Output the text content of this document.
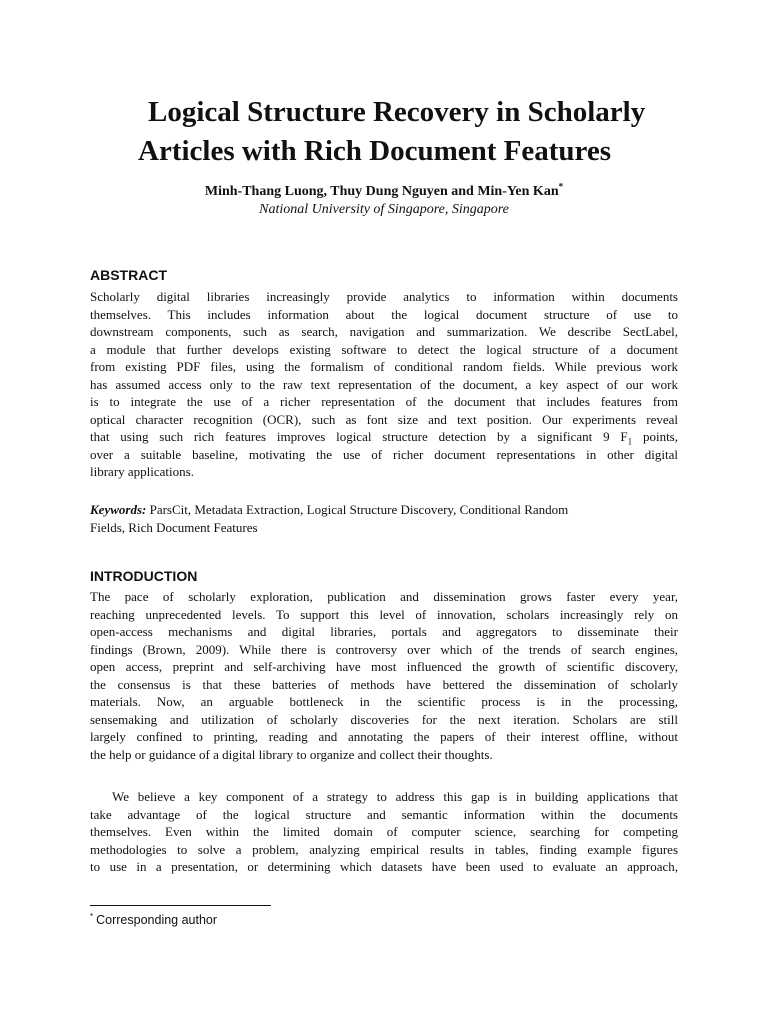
Logical Structure Recovery in Scholarly
Articles with Rich Document Features
Minh-Thang Luong, Thuy Dung Nguyen and Min-Yen Kan*
National University of Singapore, Singapore
ABSTRACT
Scholarly digital libraries increasingly provide analytics to information within documents
themselves. This includes information about the logical document structure of use to
downstream components, such as search, navigation and summarization. We describe SectLabel,
a module that further develops existing software to detect the logical structure of a document
from existing PDF files, using the formalism of conditional random fields. While previous work
has assumed access only to the raw text representation of the document, a key aspect of our work
is to integrate the use of a richer representation of the document that includes features from
optical character recognition (OCR), such as font size and text position. Our experiments reveal
that using such rich features improves logical structure detection by a significant 9 $F_1$ points,
over a suitable baseline, motivating the use of richer document representations in other digital
library applications.
Keywords: ParsCit, Metadata Extraction, Logical Structure Discovery, Conditional Random
Fields, Rich Document Features
INTRODUCTION
The pace of scholarly exploration, publication and dissemination grows faster every year,
reaching unprecedented levels. To support this level of innovation, scholars increasingly rely on
open-access mechanisms and digital libraries, portals and aggregators to disseminate their
findings (Brown, 2009). While there is controversy over which of the trends of search engines,
open access, preprint and self-archiving have most influenced the growth of scientific discovery,
the consensus is that these batteries of methods have bettered the dissemination of scholarly
materials. Now, an arguable bottleneck in the scientific process is in the processing,
sensemaking and utilization of scholarly discoveries for the next iteration. Scholars are still
largely confined to printing, reading and annotating the papers of their interest offline, without
the help or guidance of a digital library to organize and collect their thoughts.
We believe a key component of a strategy to address this gap is in building applications that
take advantage of the logical structure and semantic information within the documents
themselves. Even within the limited domain of computer science, searching for competing
methodologies to solve a problem, analyzing empirical results in tables, finding example figures
to use in a presentation, or determining which datasets have been used to evaluate an approach,
* Corresponding author
